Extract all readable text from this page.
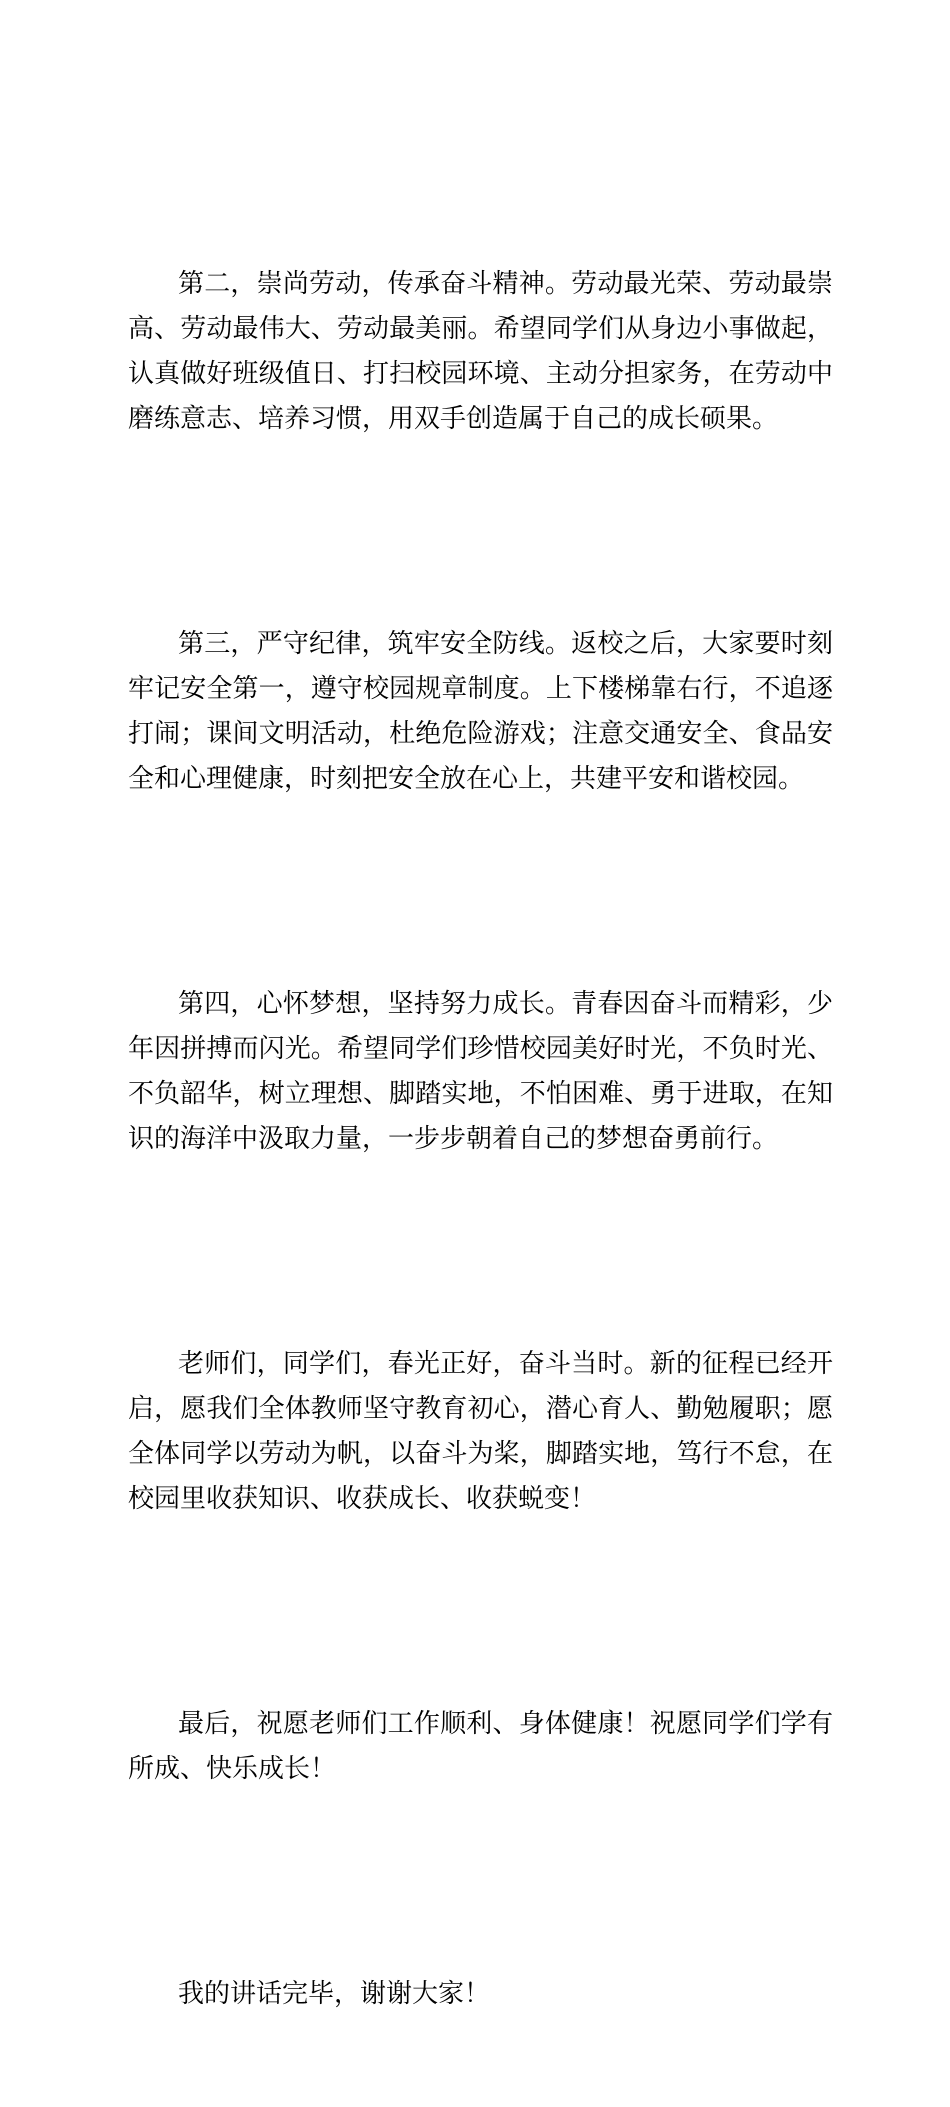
第二，崇尚劳动，传承奋斗精神。劳动最光荣、劳动最崇
高、劳动最伟大、劳动最美丽。希望同学们从身边小事做起，
认真做好班级值日、打扫校园环境、主动分担家务，在劳动中
磨练意志、培养习惯，用双手创造属于自己的成长硕果。

第三，严守纪律，筑牢安全防线。返校之后，大家要时刻
牢记安全第一，遵守校园规章制度。上下楼梯靠右行，不追逐
打闹；课间文明活动，杜绝危险游戏；注意交通安全、食品安
全和心理健康，时刻把安全放在心上，共建平安和谐校园。

第四，心怀梦想，坚持努力成长。青春因奋斗而精彩，少
年因拼搏而闪光。希望同学们珍惜校园美好时光，不负时光、
不负韶华，树立理想、脚踏实地，不怕困难、勇于进取，在知
识的海洋中汲取力量，一步步朝着自己的梦想奋勇前行。

老师们，同学们，春光正好，奋斗当时。新的征程已经开
启，愿我们全体教师坚守教育初心，潜心育人、勤勉履职；愿
全体同学以劳动为帆，以奋斗为桨，脚踏实地，笃行不怠，在
校园里收获知识、收获成长、收获蜕变！

最后，祝愿老师们工作顺利、身体健康！祝愿同学们学有
所成、快乐成长！

我的讲话完毕，谢谢大家！
